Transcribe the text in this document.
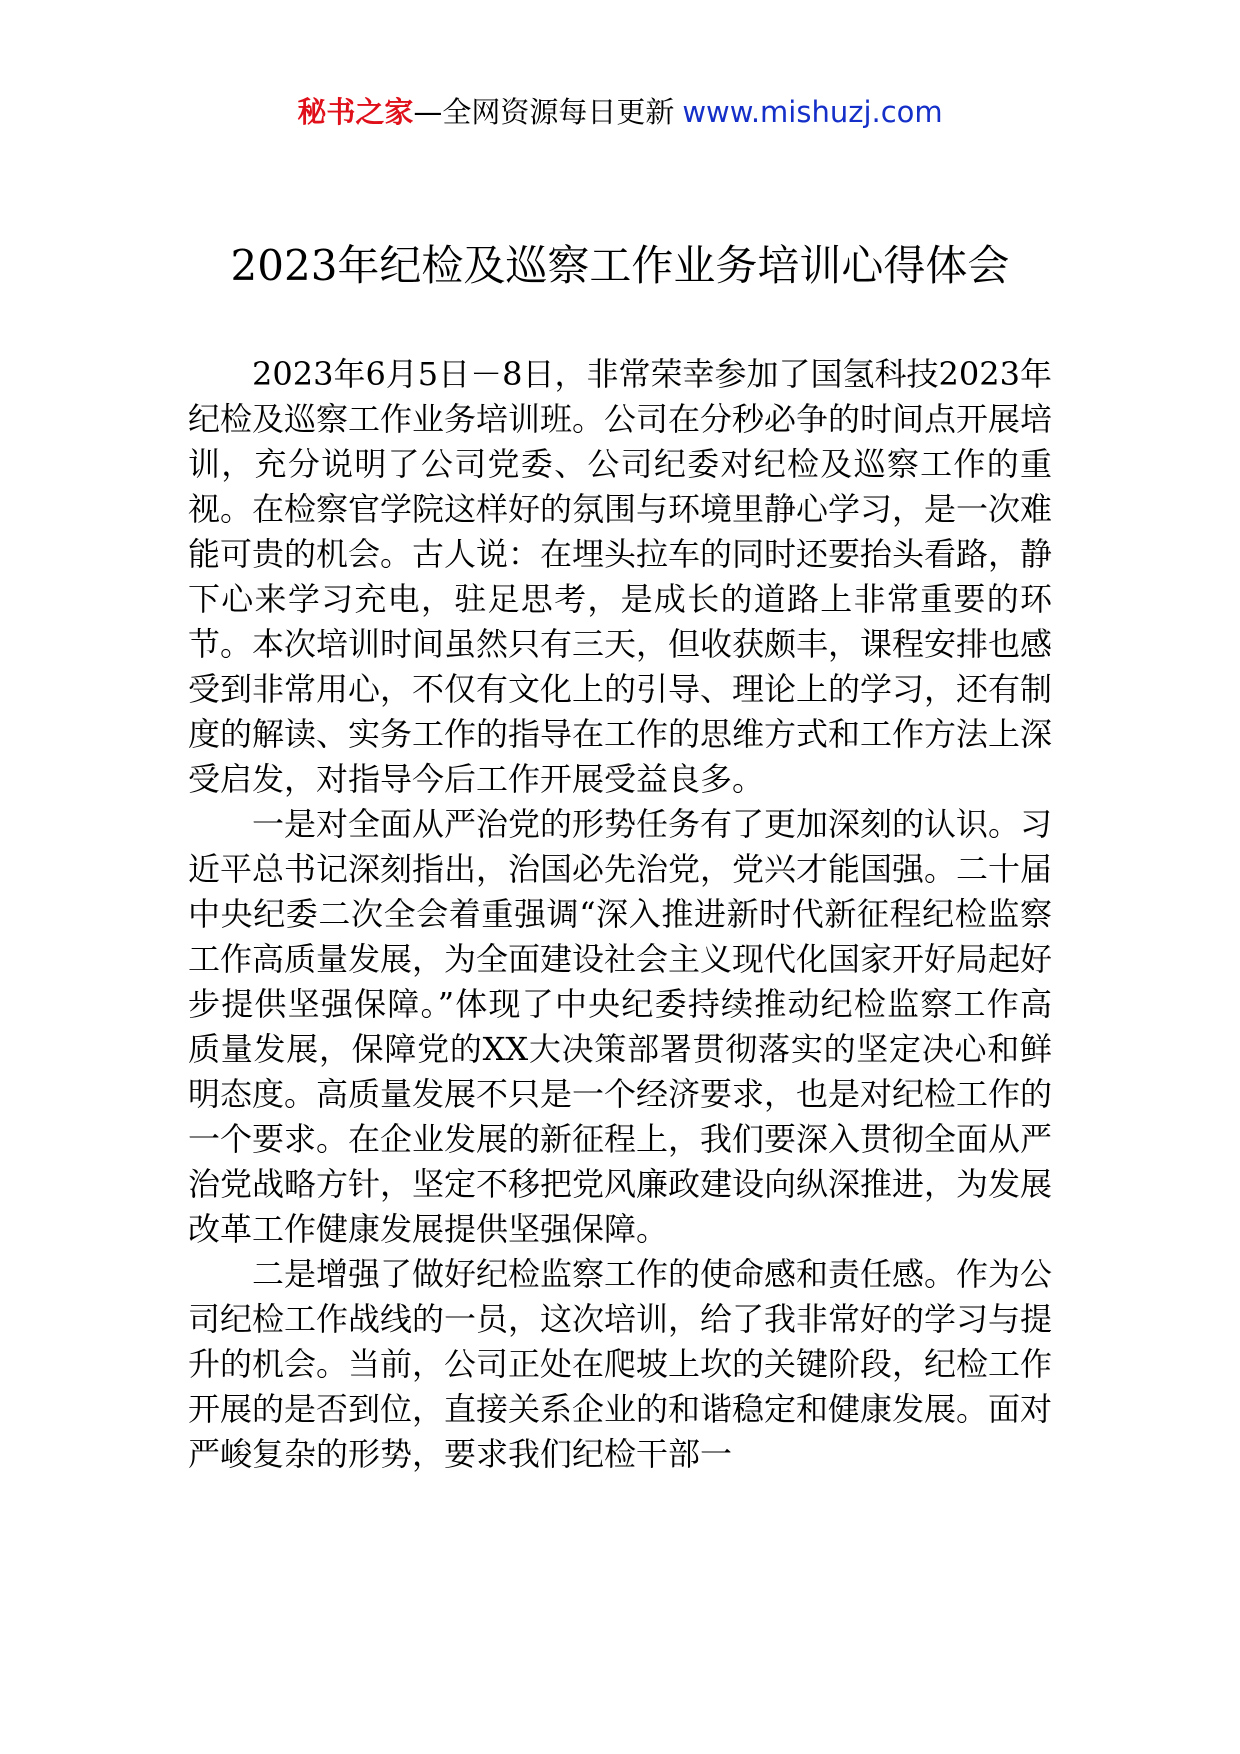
秘书之家—全网资源每日更新 www.mishuzj.com
2023年纪检及巡察工作业务培训心得体会

2023年6月5日－8日，非常荣幸参加了国氢科技2023年纪检及巡察工作业务培训班。公司在分秒必争的时间点开展培训，充分说明了公司党委、公司纪委对纪检及巡察工作的重视。在检察官学院这样好的氛围与环境里静心学习，是一次难能可贵的机会。古人说：在埋头拉车的同时还要抬头看路，静下心来学习充电，驻足思考，是成长的道路上非常重要的环节。本次培训时间虽然只有三天，但收获颇丰，课程安排也感受到非常用心，不仅有文化上的引导、理论上的学习，还有制度的解读、实务工作的指导在工作的思维方式和工作方法上深受启发，对指导今后工作开展受益良多。

一是对全面从严治党的形势任务有了更加深刻的认识。习近平总书记深刻指出，治国必先治党，党兴才能国强。二十届中央纪委二次全会着重强调“深入推进新时代新征程纪检监察工作高质量发展，为全面建设社会主义现代化国家开好局起好步提供坚强保障。”体现了中央纪委持续推动纪检监察工作高质量发展，保障党的XX大决策部署贯彻落实的坚定决心和鲜明态度。高质量发展不只是一个经济要求，也是对纪检工作的一个要求。在企业发展的新征程上，我们要深入贯彻全面从严治党战略方针，坚定不移把党风廉政建设向纵深推进，为发展改革工作健康发展提供坚强保障。

二是增强了做好纪检监察工作的使命感和责任感。作为公司纪检工作战线的一员，这次培训，给了我非常好的学习与提升的机会。当前，公司正处在爬坡上坎的关键阶段，纪检工作开展的是否到位，直接关系企业的和谐稳定和健康发展。面对严峻复杂的形势，要求我们纪检干部一
